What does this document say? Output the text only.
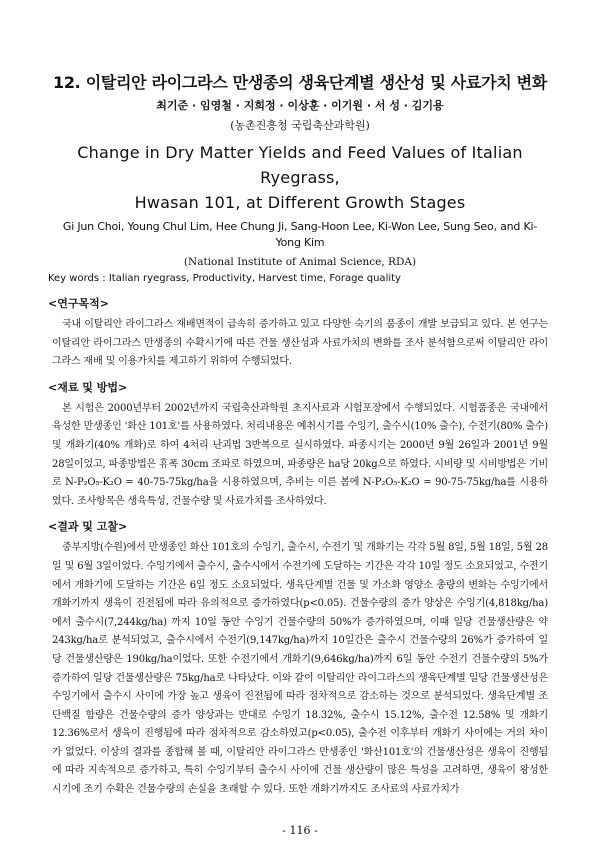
12. 이탈리안 라이그라스 만생종의 생육단계별 생산성 및 사료가치 변화

최기준 · 임영철 · 지희정 · 이상훈 · 이기원 · 서 성 · 김기용

(농촌진흥청 국립축산과학원)

Change in Dry Matter Yields and Feed Values of Italian Ryegrass,
Hwasan 101, at Different Growth Stages

Gi Jun Choi, Young Chul Lim, Hee Chung Ji, Sang-Hoon Lee, Ki-Won Lee, Sung Seo, and Ki-Yong Kim

(National Institute of Animal Science, RDA)

Key words : Italian ryegrass, Productivity, Harvest time, Forage quality

<연구목적>

국내 이탈리안 라이그라스 재배면적이 급속히 증가하고 있고 다양한 숙기의 품종이 개발 보급되고 있다. 본 연구는 이탈리안 라이그라스 만생종의 수확시기에 따른 건물 생산성과 사료가치의 변화를 조사 분석함으로써 이탈리안 라이그라스 재배 및 이용가치를 제고하기 위하여 수행되었다.

<재료 및 방법>

본 시험은 2000년부터 2002년까지 국립축산과학원 초지사료과 시험포장에서 수행되었다. 시험품종은 국내에서 육성한 만생종인 '화산 101호'를 사용하였다. 처리내용은 예취시기를 수잉기, 출수시(10% 출수), 수전기(80% 출수) 및 개화기(40% 개화)로 하여 4처리 난괴법 3반복으로 실시하였다. 파종시기는 2000년 9월 26일과 2001년 9월 28일이었고, 파종방법은 휴폭 30cm 조파로 하였으며, 파종량은 ha당 20kg으로 하였다. 시비량 및 시비방법은 기비로 N-P₂O₅-K₂O = 40-75-75kg/ha을 시용하였으며, 추비는 이른 봄에 N-P₂O₅-K₂O = 90-75-75kg/ha를 시용하였다. 조사항목은 생육특성, 건물수량 및 사료가치를 조사하였다.

<결과 및 고찰>

중부지방(수원)에서 만생종인 화산 101호의 수잉기, 출수시, 수전기 및 개화기는 각각 5월 8일, 5월 18일, 5월 28일 및 6월 3일이었다. 수잉기에서 출수시, 출수시에서 수전기에 도달하는 기간은 각각 10일 정도 소요되었고, 수전기에서 개화기에 도달하는 기간은 6일 정도 소요되었다. 생육단계별 건물 및 가소화 영양소 총량의 변화는 수잉기에서 개화기까지 생육이 진전됨에 따라 유의적으로 증가하였다(p<0.05). 건물수량의 증가 양상은 수잉기(4,818kg/ha)에서 출수시(7,244kg/ha) 까지 10일 동안 수잉기 건물수량의 50%가 증가하였으며, 이때 일당 건물생산량은 약 243kg/ha로 분석되었고, 출수시에서 수전기(9,147kg/ha)까지 10일간은 출수시 건물수량의 26%가 증가하여 일당 건물생산량은 190kg/ha이었다. 또한 수전기에서 개화기(9,646kg/ha)까지 6일 동안 수전기 건물수량의 5%가 증가하여 일당 건물생산량은 75kg/ha로 나타났다. 이와 같이 이탈리안 라이그라스의 생육단계별 일당 건물생산성은 수잉기에서 출수시 사이에 가장 높고 생육이 진전됨에 따라 점차적으로 감소하는 것으로 분석되었다. 생육단계별 조단백질 함량은 건물수량의 증가 양상과는 반대로 수잉기 18.32%, 출수시 15.12%, 출수전 12.58% 및 개화기 12.36%로서 생육이 진행됨에 따라 점차적으로 감소하였고(p<0.05), 출수전 이후부터 개화기 사이에는 거의 차이가 없었다. 이상의 결과를 종합해 볼 때, 이탈리안 라이그라스 만생종인 '화산101호'의 건물생산성은 생육이 진행됨에 따라 지속적으로 증가하고, 특히 수잉기부터 출수시 사이에 건물 생산량이 많은 특성을 고려하면, 생육이 왕성한 시기에 조기 수확은 건물수량의 손실을 초래할 수 있다. 또한 개화기까지도 조사료의 사료가치가

- 116 -
